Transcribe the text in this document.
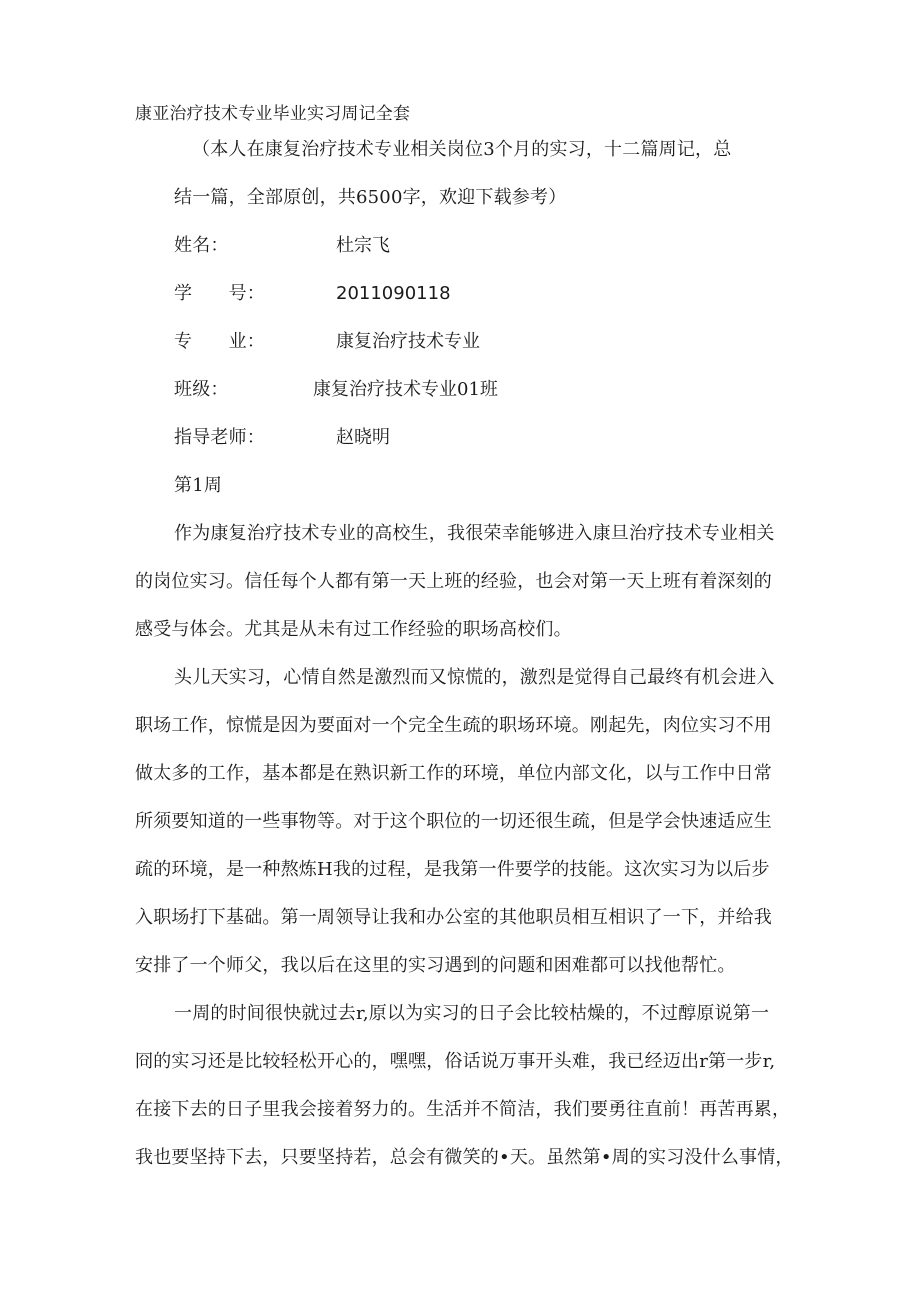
康亚治疗技术专业毕业实习周记全套
（本人在康复治疗技术专业相关岗位3个月的实习，十二篇周记，总
结一篇，全部原创，共6500字，欢迎下载参考）
姓名：	杜宗飞
学　　号：	2011090118
专　　业：	康复治疗技术专业
班级：	康复治疗技术专业01班
指导老师：	赵晓明
第1周
作为康复治疗技术专业的高校生，我很荣幸能够进入康旦治疗技术专业相关
的岗位实习。信任每个人都有第一天上班的经验，也会对第一天上班有着深刻的
感受与体会。尤其是从未有过工作经验的职场高校们。
头儿天实习，心情自然是激烈而又惊慌的，激烈是觉得自己最终有机会进入
职场工作，惊慌是因为要面对一个完全生疏的职场环境。刚起先，肉位实习不用
做太多的工作，基本都是在熟识新工作的环境，单位内部文化，以与工作中日常
所须要知道的一些事物等。对于这个职位的一切还很生疏，但是学会快速适应生
疏的环境，是一种熬炼H我的过程，是我第一件要学的技能。这次实习为以后步
入职场打下基础。第一周领导让我和办公室的其他职员相互相识了一下，并给我
安排了一个师父，我以后在这里的实习遇到的问题和困难都可以找他帮忙。
一周的时间很快就过去r,原以为实习的日子会比较枯燥的，不过醇原说第一
冏的实习还是比较轻松开心的，嘿嘿，俗话说万事开头难，我已经迈出r第一步r,
在接下去的日子里我会接着努力的。生活并不简洁，我们要勇往直前！再苦再累，
我也要坚持下去，只要坚持若，总会有微笑的•天。虽然第•周的实习没什么事情，
